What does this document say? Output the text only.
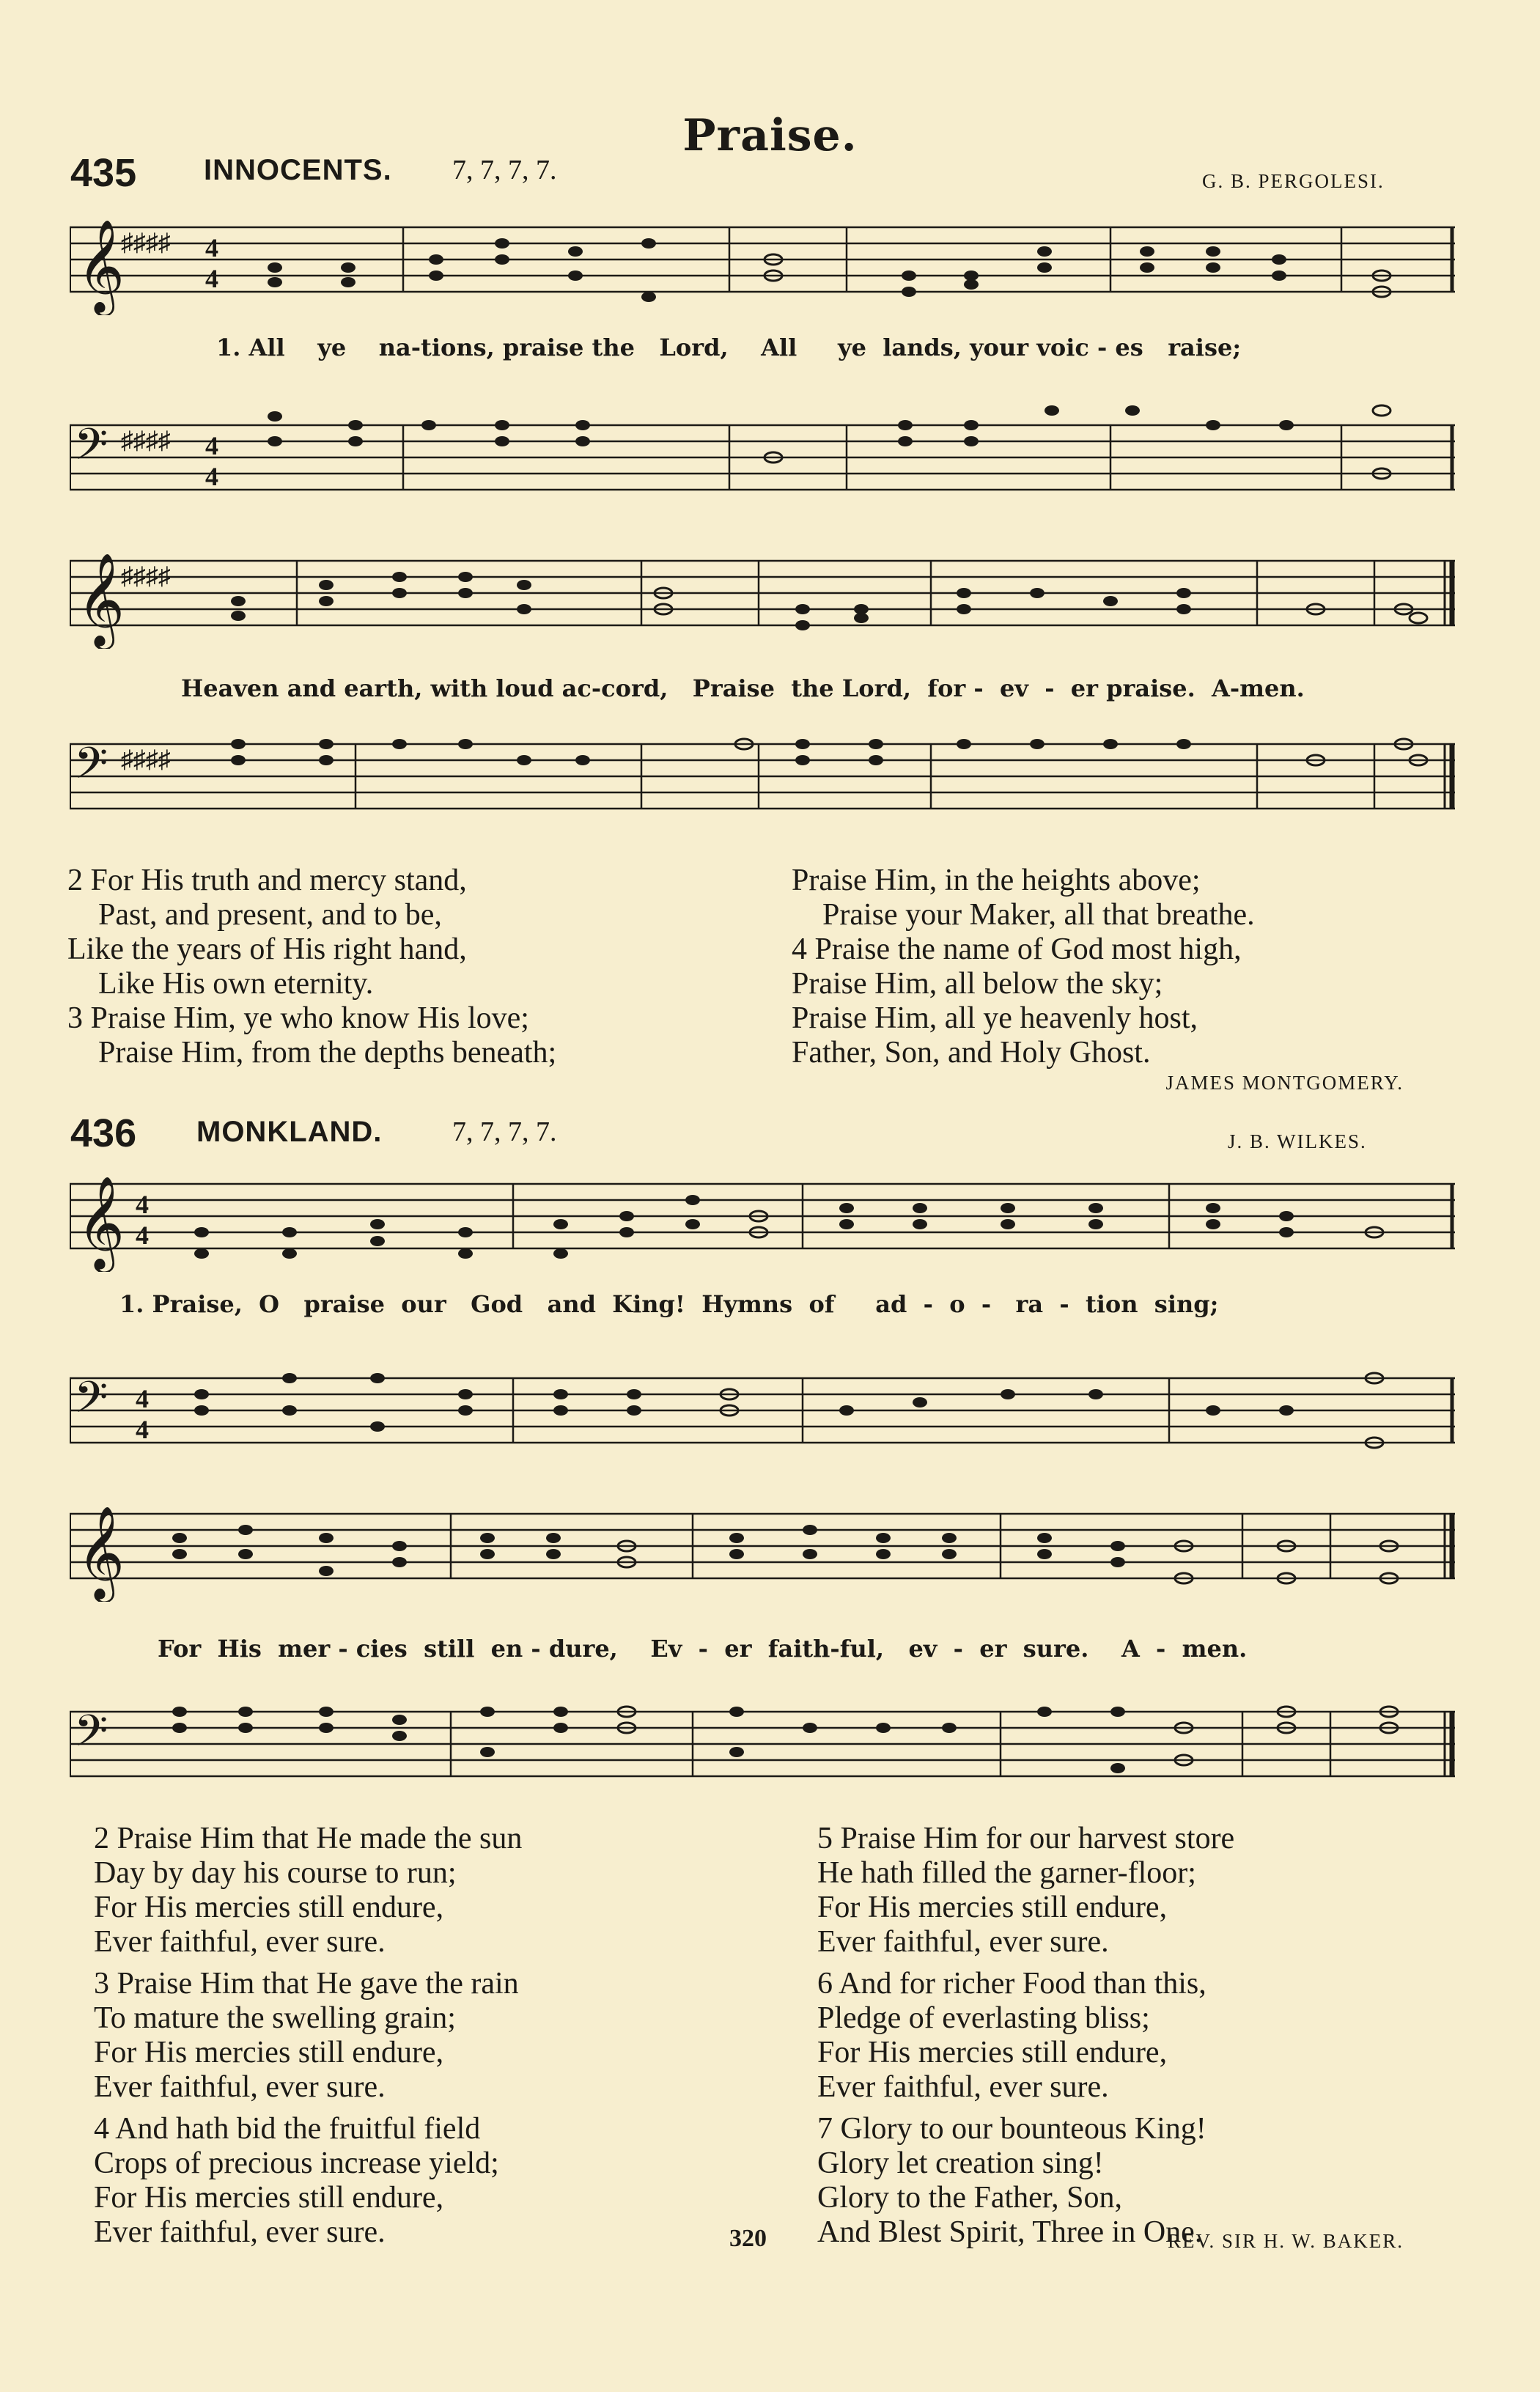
Praise.
435 INNOCENTS. 7, 7, 7, 7.	G. B. PERGOLESI.
𝄞
♯♯♯♯ 4
4
1. All    ye    na-tions, praise the   Lord,    All     ye  lands, your voic - es   raise;
𝄢 ♯♯♯♯ 4
4
𝄞
♯♯♯♯
Heaven and earth, with loud ac-cord,   Praise  the Lord,  for -  ev  -  er praise.  A-men.
𝄢 ♯♯♯♯
2 For His truth and mercy stand,
Past, and present, and to be,
Like the years of His right hand,
Like His own eternity.
3 Praise Him, ye who know His love;
Praise Him, from the depths beneath;
Praise Him, in the heights above;
Praise your Maker, all that breathe.
4 Praise the name of God most high,
Praise Him, all below the sky;
Praise Him, all ye heavenly host,
Father, Son, and Holy Ghost.
JAMES MONTGOMERY.
436 MONKLAND.	7, 7, 7, 7.	J. B. WILKES.
𝄞 4
4
1. Praise,  O   praise  our   God   and  King!  Hymns  of     ad  -  o  -   ra  -  tion  sing;
𝄢 4
4
𝄞
For  His  mer - cies  still  en - dure,    Ev  -  er  faith-ful,   ev  -  er  sure.    A  -  men.
𝄢
2 Praise Him that He made the sun
Day by day his course to run;
For His mercies still endure,
Ever faithful, ever sure.
3 Praise Him that He gave the rain
To mature the swelling grain;
For His mercies still endure,
Ever faithful, ever sure.
4 And hath bid the fruitful field
Crops of precious increase yield;
For His mercies still endure,
Ever faithful, ever sure.
5 Praise Him for our harvest store
He hath filled the garner-floor;
For His mercies still endure,
Ever faithful, ever sure.
6 And for richer Food than this,
Pledge of everlasting bliss;
For His mercies still endure,
Ever faithful, ever sure.
7 Glory to our bounteous King!
Glory let creation sing!
Glory to the Father, Son,
And Blest Spirit, Three in One.
320	REV. SIR H. W. BAKER.
